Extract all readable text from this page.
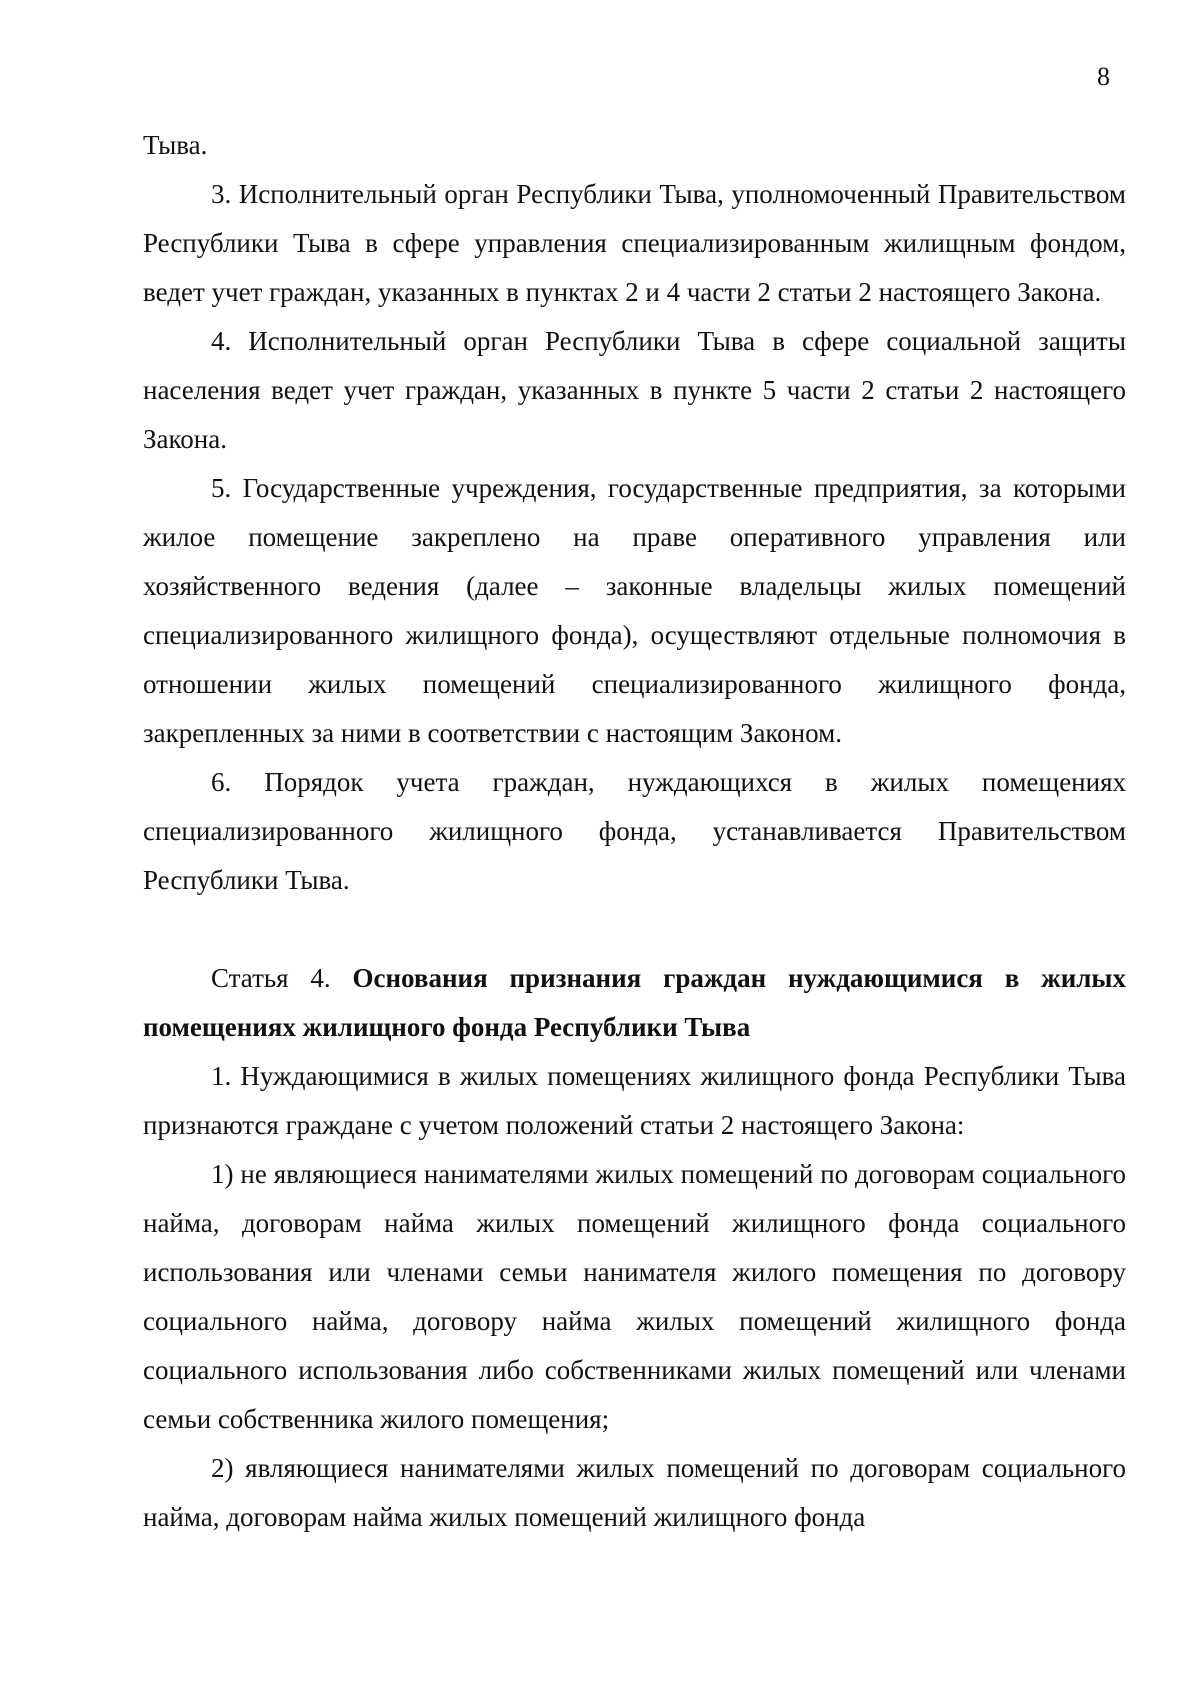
8

Тыва.

3. Исполнительный орган Республики Тыва, уполномоченный Правительством Республики Тыва в сфере управления специализированным жилищным фондом, ведет учет граждан, указанных в пунктах 2 и 4 части 2 статьи 2 настоящего Закона.

4. Исполнительный орган Республики Тыва в сфере социальной защиты населения ведет учет граждан, указанных в пункте 5 части 2 статьи 2 настоящего Закона.

5. Государственные учреждения, государственные предприятия, за которыми жилое помещение закреплено на праве оперативного управления или хозяйственного ведения (далее – законные владельцы жилых помещений специализированного жилищного фонда), осуществляют отдельные полномочия в отношении жилых помещений специализированного жилищного фонда, закрепленных за ними в соответствии с настоящим Законом.

6. Порядок учета граждан, нуждающихся в жилых помещениях специализированного жилищного фонда, устанавливается Правительством Республики Тыва.

Статья 4. Основания признания граждан нуждающимися в жилых помещениях жилищного фонда Республики Тыва

1. Нуждающимися в жилых помещениях жилищного фонда Республики Тыва признаются граждане с учетом положений статьи 2 настоящего Закона:

1) не являющиеся нанимателями жилых помещений по договорам социального найма, договорам найма жилых помещений жилищного фонда социального использования или членами семьи нанимателя жилого помещения по договору социального найма, договору найма жилых помещений жилищного фонда социального использования либо собственниками жилых помещений или членами семьи собственника жилого помещения;

2) являющиеся нанимателями жилых помещений по договорам социального найма, договорам найма жилых помещений жилищного фонда
